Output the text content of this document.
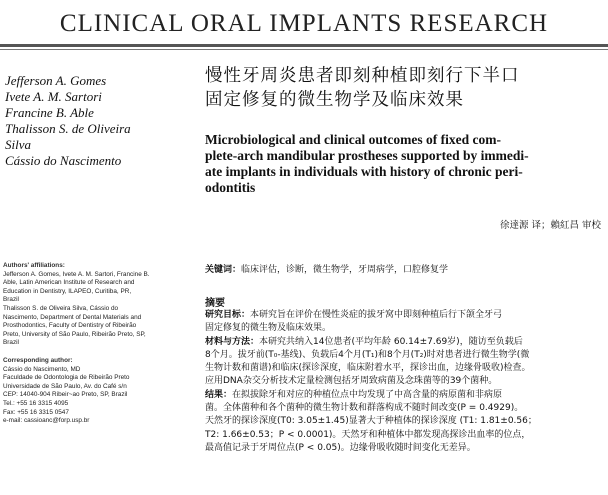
CLINICAL ORAL IMPLANTS RESEARCH
Jefferson A. Gomes
Ivete A. M. Sartori
Francine B. Able
Thalisson S. de Oliveira
Silva
Cássio do Nascimento
Authors' affiliations:
Jefferson A. Gomes, Ivete A. M. Sartori, Francine B.
Able, Latin American Institute of Research and
Education in Dentistry, ILAPEO, Curitiba, PR,
Brazil
Thalisson S. de Oliveira Silva, Cássio do
Nascimento, Department of Dental Materials and
Prosthodontics, Faculty of Dentistry of Ribeirão
Preto, University of São Paulo, Ribeirão Preto, SP,
Brazil
Corresponding author:
Cássio do Nascimento, MD
Faculdade de Odontologia de Ribeirão Preto
Universidade de São Paulo, Av. do Café s/n
CEP: 14040-904 Ribeir~ao Preto, SP, Brazil
Tel.: +55 16 3315 4095
Fax: +55 16 3315 0547
e-mail: cassioanc@forp.usp.br
慢性牙周炎患者即刻种植即刻行下半口
固定修复的微生物学及临床效果
Microbiological and clinical outcomes of fixed com-
plete-arch mandibular prostheses supported by immedi-
ate implants in individuals with history of chronic peri-
odontitis
徐達源 译；賴紅昌 审校
关键词：临床评估，诊断，微生物学，牙周病学，口腔修复学
摘要
研究目标：本研究旨在评价在慢性炎症的拔牙窝中即刻种植后行下颌全牙弓
固定修复的微生物及临床效果。
材料与方法：本研究共纳入14位患者(平均年龄 60.14±7.69岁)，随访至负载后
8个月。拔牙前(T₀-基线)、负载后4个月(T₁)和8个月(T₂)时对患者进行微生物学(微
生物计数和菌谱)和临床(探诊深度，临床附着水平，探诊出血，边缘骨吸收)检查。
应用DNA杂交分析技术定量检测包括牙周致病菌及念珠菌等的39个菌种。
结果：在拟拔除牙和对应的种植位点中均发现了中高含量的病原菌和非病原
菌。全体菌种和各个菌种的微生物计数和群落构成不随时间改变(P = 0.4929)。
天然牙的探诊深度(T0: 3.05±1.45)显著大于种植体的探诊深度 (T1: 1.81±0.56；
T2: 1.66±0.53；P < 0.0001)。天然牙和种植体中都发现高探诊出血率的位点，
最高值记录于牙周位点(P < 0.05)。边缘骨吸收随时间变化无差异。
